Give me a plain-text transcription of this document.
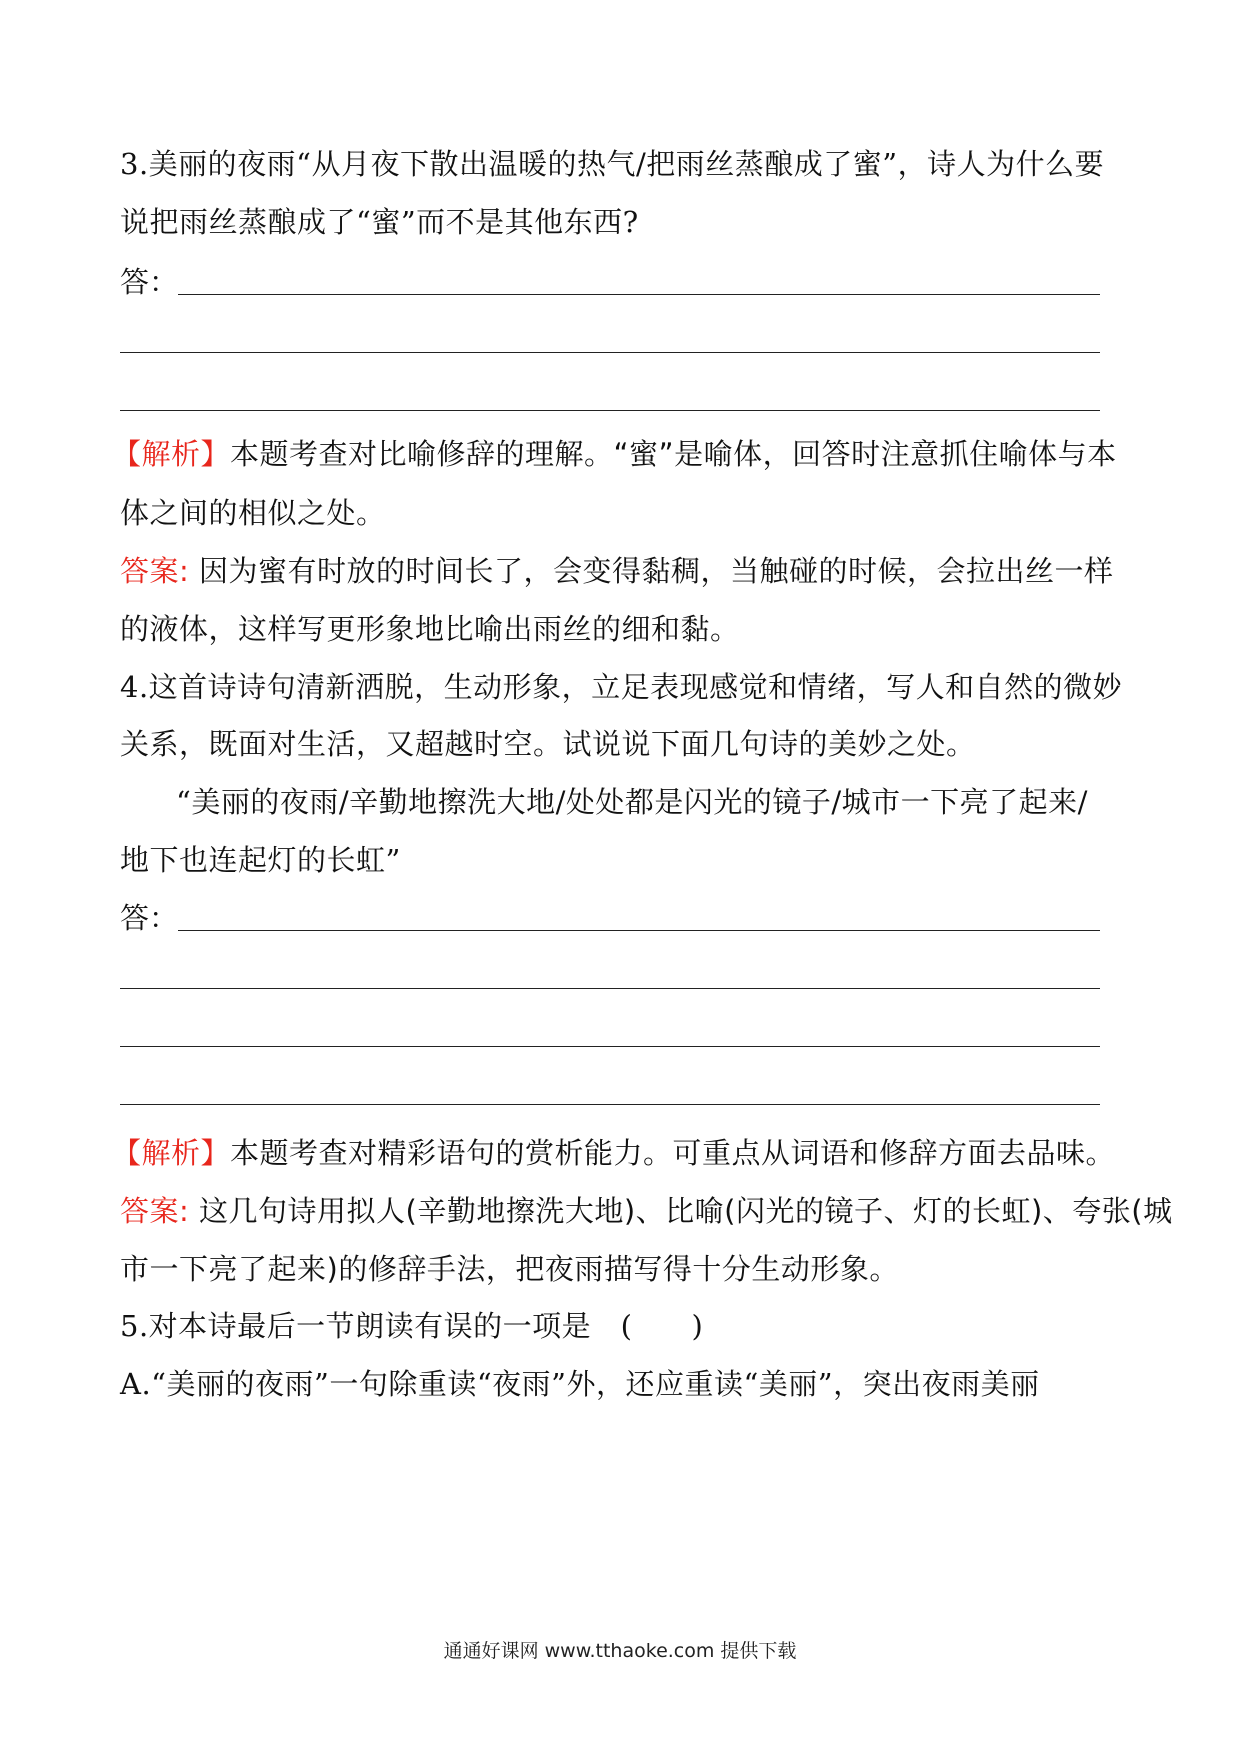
3.美丽的夜雨“从月夜下散出温暖的热气/把雨丝蒸酿成了蜜”，诗人为什么要
说把雨丝蒸酿成了“蜜”而不是其他东西?
答：
【解析】本题考查对比喻修辞的理解。“蜜”是喻体，回答时注意抓住喻体与本
体之间的相似之处。
答案: 因为蜜有时放的时间长了，会变得黏稠，当触碰的时候，会拉出丝一样
的液体，这样写更形象地比喻出雨丝的细和黏。
4.这首诗诗句清新洒脱，生动形象，立足表现感觉和情绪，写人和自然的微妙
关系，既面对生活，又超越时空。试说说下面几句诗的美妙之处。
“美丽的夜雨/辛勤地擦洗大地/处处都是闪光的镜子/城市一下亮了起来/
地下也连起灯的长虹”
答：
【解析】本题考查对精彩语句的赏析能力。可重点从词语和修辞方面去品味。
答案: 这几句诗用拟人(辛勤地擦洗大地)、比喻(闪光的镜子、灯的长虹)、夸张(城
市一下亮了起来)的修辞手法，把夜雨描写得十分生动形象。
5.对本诗最后一节朗读有误的一项是　(　　)
A.“美丽的夜雨”一句除重读“夜雨”外，还应重读“美丽”，突出夜雨美丽
通通好课网 www.tthaoke.com 提供下载
